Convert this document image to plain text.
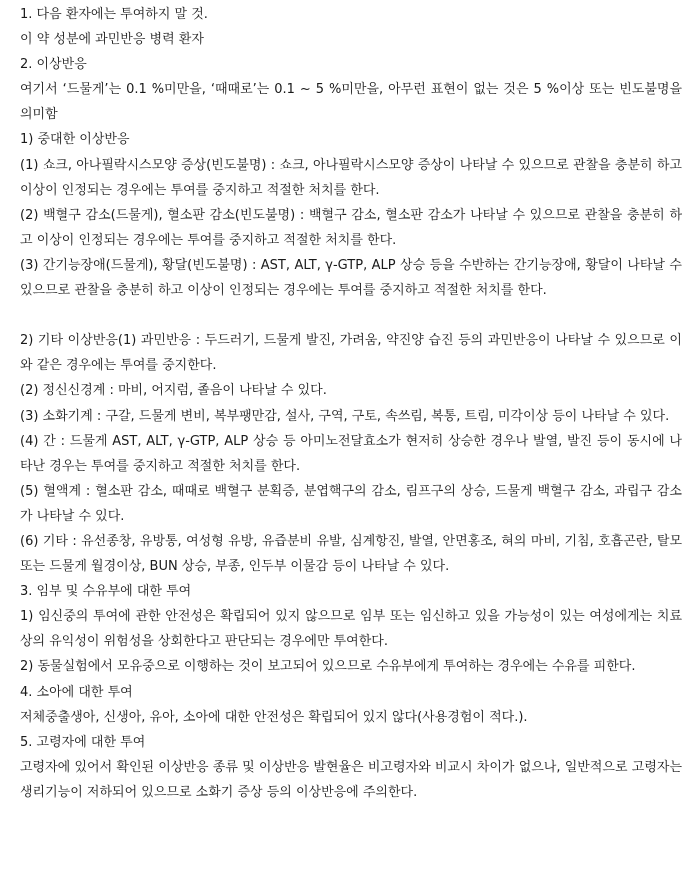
1. 다음 환자에는 투여하지 말 것.

이 약 성분에 과민반응 병력 환자

2. 이상반응

여기서 ‘드물게’는 0.1 %미만을, ‘때때로’는 0.1 ~ 5 %미만을, 아무런 표현이 없는 것은 5 %이상 또는 빈도불명을 의미함

1) 중대한 이상반응

(1) 쇼크, 아나필락시스모양 증상(빈도불명) : 쇼크, 아나필락시스모양 증상이 나타날 수 있으므로 관찰을 충분히 하고 이상이 인정되는 경우에는 투여를 중지하고 적절한 처치를 한다.

(2) 백혈구 감소(드물게), 혈소판 감소(빈도불명) : 백혈구 감소, 혈소판 감소가 나타날 수 있으므로 관찰을 충분히 하고 이상이 인정되는 경우에는 투여를 중지하고 적절한 처치를 한다.

(3) 간기능장애(드물게), 황달(빈도불명) : AST, ALT, γ-GTP, ALP 상승 등을 수반하는 간기능장애, 황달이 나타날 수 있으므로 관찰을 충분히 하고 이상이 인정되는 경우에는 투여를 중지하고 적절한 처치를 한다.

2) 기타 이상반응(1) 과민반응 : 두드러기, 드물게 발진, 가려움, 약진양 습진 등의 과민반응이 나타날 수 있으므로 이와 같은 경우에는 투여를 중지한다.

(2) 정신신경계 : 마비, 어지럼, 졸음이 나타날 수 있다.

(3) 소화기계 : 구갈, 드물게 변비, 복부팽만감, 설사, 구역, 구토, 속쓰림, 복통, 트림, 미각이상 등이 나타날 수 있다.

(4) 간 : 드물게 AST, ALT, γ-GTP, ALP 상승 등 아미노전달효소가 현저히 상승한 경우나 발열, 발진 등이 동시에 나타난 경우는 투여를 중지하고 적절한 처치를 한다.

(5) 혈액계 : 혈소판 감소, 때때로 백혈구 분획증, 분엽핵구의 감소, 림프구의 상승, 드물게 백혈구 감소, 과립구 감소가 나타날 수 있다.

(6) 기타 : 유선종창, 유방통, 여성형 유방, 유즙분비 유발, 심계항진, 발열, 안면홍조, 혀의 마비, 기침, 호흡곤란, 탈모 또는 드물게 월경이상, BUN 상승, 부종, 인두부 이물감 등이 나타날 수 있다.

3. 임부 및 수유부에 대한 투여

1) 임신중의 투여에 관한 안전성은 확립되어 있지 않으므로 임부 또는 임신하고 있을 가능성이 있는 여성에게는 치료상의 유익성이 위험성을 상회한다고 판단되는 경우에만 투여한다.

2) 동물실험에서 모유중으로 이행하는 것이 보고되어 있으므로 수유부에게 투여하는 경우에는 수유를 피한다.

4. 소아에 대한 투여

저체중출생아, 신생아, 유아, 소아에 대한 안전성은 확립되어 있지 않다(사용경험이 적다.).

5. 고령자에 대한 투여

고령자에 있어서 확인된 이상반응 종류 및 이상반응 발현율은 비고령자와 비교시 차이가 없으나, 일반적으로 고령자는 생리기능이 저하되어 있으므로 소화기 증상 등의 이상반응에 주의한다.
